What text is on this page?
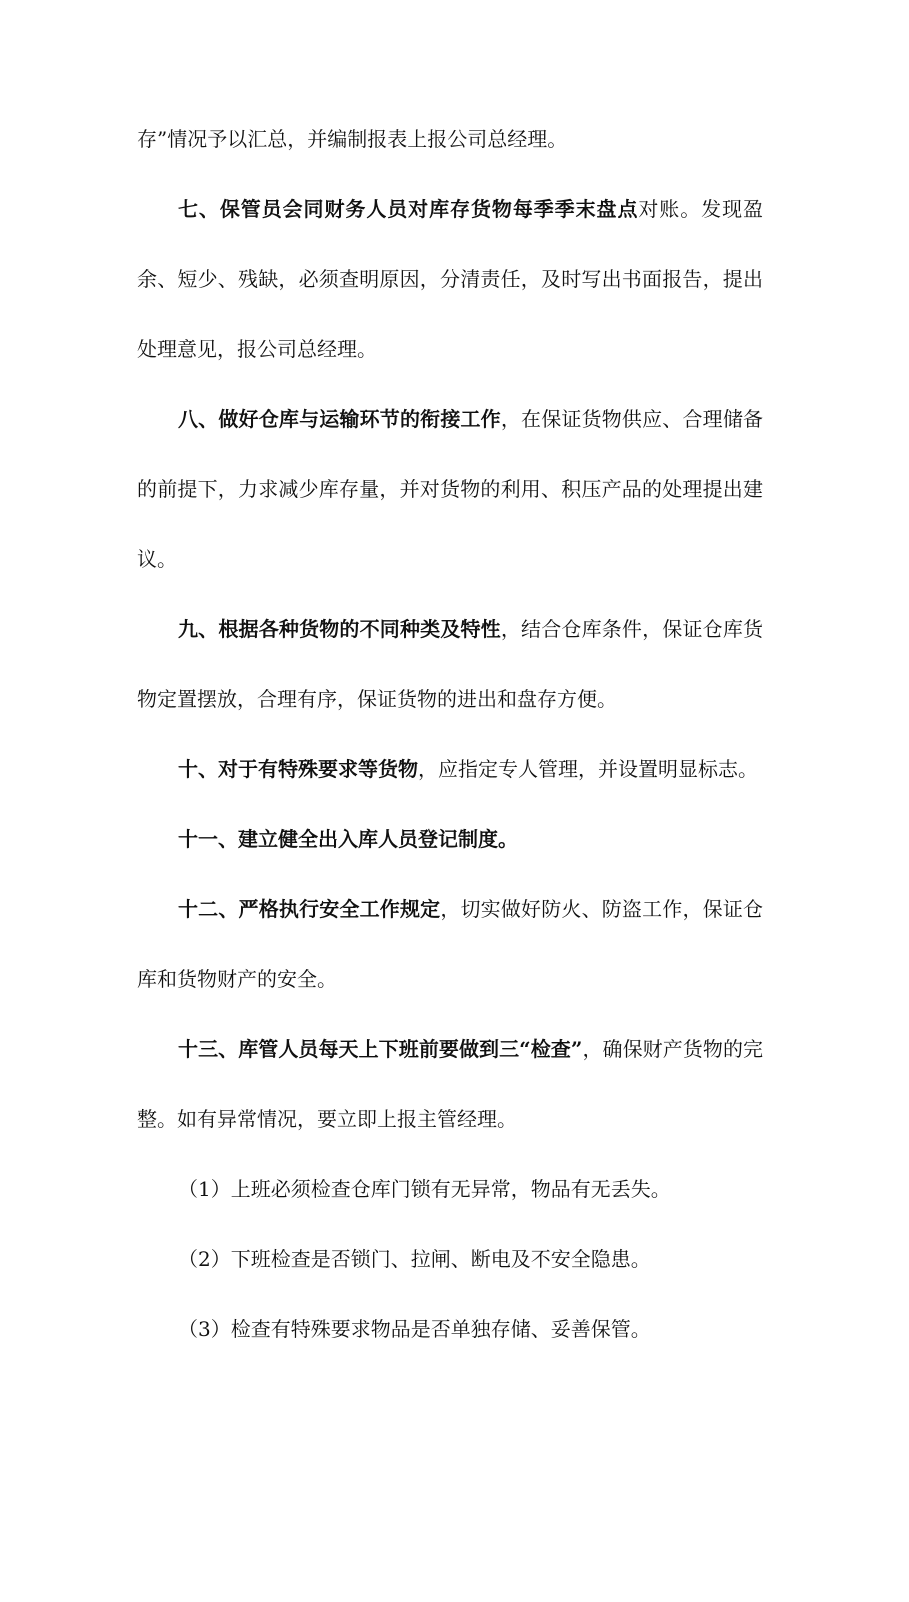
存”情况予以汇总，并编制报表上报公司总经理。

七、保管员会同财务人员对库存货物每季季末盘点对账。发现盈余、短少、残缺，必须查明原因，分清责任，及时写出书面报告，提出处理意见，报公司总经理。

八、做好仓库与运输环节的衔接工作，在保证货物供应、合理储备的前提下，力求减少库存量，并对货物的利用、积压产品的处理提出建议。

九、根据各种货物的不同种类及特性，结合仓库条件，保证仓库货物定置摆放，合理有序，保证货物的进出和盘存方便。

十、对于有特殊要求等货物，应指定专人管理，并设置明显标志。

十一、建立健全出入库人员登记制度。

十二、严格执行安全工作规定，切实做好防火、防盗工作，保证仓库和货物财产的安全。

十三、库管人员每天上下班前要做到三“检查”，确保财产货物的完整。如有异常情况，要立即上报主管经理。

（1）上班必须检查仓库门锁有无异常，物品有无丢失。

（2）下班检查是否锁门、拉闸、断电及不安全隐患。

（3）检查有特殊要求物品是否单独存储、妥善保管。
